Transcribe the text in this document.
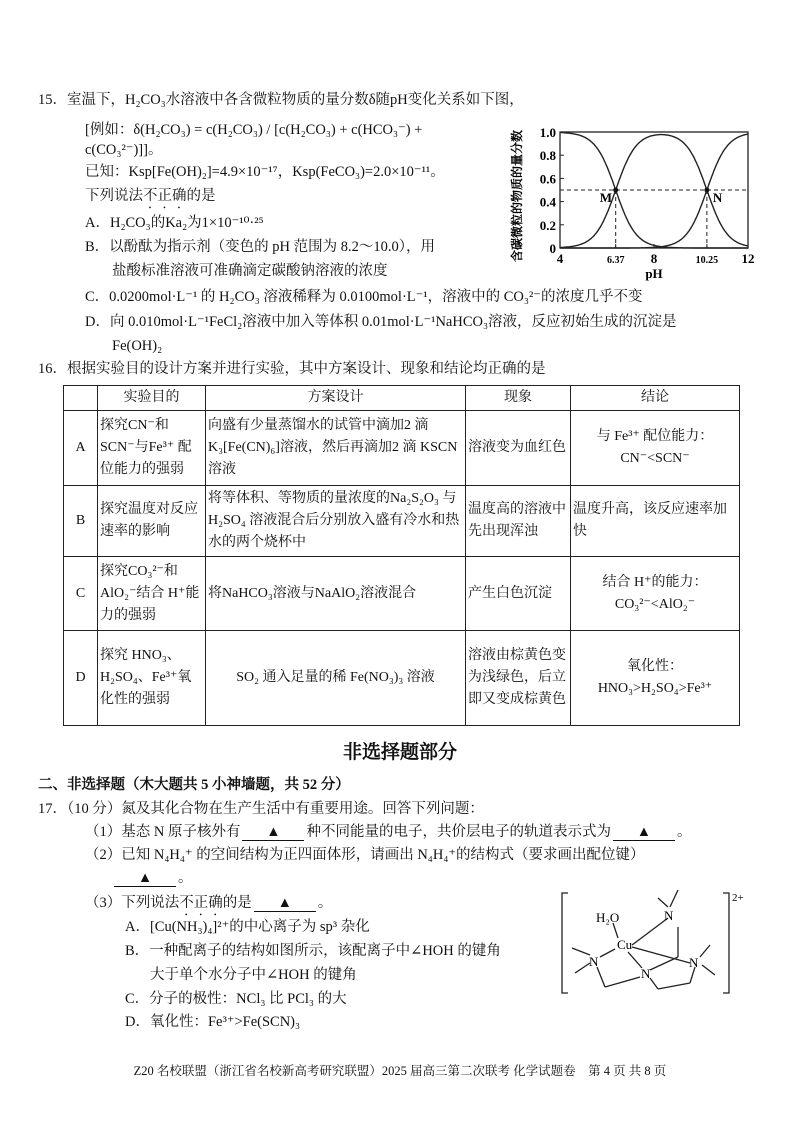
15．室温下，H₂CO₃水溶液中各含微粒物质的量分数δ随pH变化关系如下图，
[例如：δ(H₂CO₃) = c(H₂CO₃) / [c(H₂CO₃) + c(HCO₃⁻) + c(CO₃²⁻)]]。
已知：Ksp[Fe(OH)₂]=4.9×10⁻¹⁷，Ksp(FeCO₃)=2.0×10⁻¹¹。
下列说法不正确的是
A．H₂CO₃的Ka₂为1×10⁻¹⁰·²⁵
B．以酚酞为指示剂（变色的 pH 范围为 8.2～10.0），用
盐酸标准溶液可准确滴定碳酸钠溶液的浓度
C．0.0200mol·L⁻¹ 的 H₂CO₃ 溶液稀释为 0.0100mol·L⁻¹，溶液中的 CO₃²⁻的浓度几乎不变
D．向 0.010mol·L⁻¹FeCl₂溶液中加入等体积 0.01mol·L⁻¹NaHCO₃溶液，反应初始生成的沉淀是
Fe(OH)₂
M	N
0
0.2
0.4
0.6
0.8
1.0
4	6.37 8	10.25 12
pH
含碳微粒的物质的量分数
16．根据实验目的设计方案并进行实验，其中方案设计、现象和结论均正确的是
	实验目的	方案设计	现象	结论
A	探究CN⁻和SCN⁻与Fe³⁺ 配位能力的强弱	向盛有少量蒸馏水的试管中滴加2 滴 K₃[Fe(CN)₆]溶液，然后再滴加2 滴 KSCN 溶液	溶液变为血红色	与 Fe³⁺ 配位能力：
CN⁻<SCN⁻

B	探究温度对反应速率的影响	将等体积、等物质的量浓度的Na₂S₂O₃ 与 H₂SO₄ 溶液混合后分别放入盛有冷水和热水的两个烧杯中	温度高的溶液中先出现浑浊	温度升高，该反应速率加快

C	探究CO₃²⁻和AlO₂⁻结合 H⁺能力的强弱	将NaHCO₃溶液与NaAlO₂溶液混合	产生白色沉淀	结合 H⁺的能力：
CO₃²⁻<AlO₂⁻

D	探究 HNO₃、H₂SO₄、Fe³⁺氧化性的强弱	SO₂ 通入足量的稀 Fe(NO₃)₃ 溶液	溶液由棕黄色变为浅绿色，后立即又变成棕黄色	氧化性：
HNO₃>H₂SO₄>Fe³⁺
非选择题部分
二、非选择题（木大题共 5 小神墙题，共 52 分）
17．（10 分）氮及其化合物在生产生活中有重要用途。回答下列问题：
（1）基态 N 原子核外有 ▲ 种不同能量的电子，共价层电子的轨道表示式为 ▲ 。
（2）已知 N₄H₄⁺ 的空间结构为正四面体形，请画出 N₄H₄⁺的结构式（要求画出配位键）
▲ 。
（3）下列说法不正确的是 ▲ 。
A．[Cu(NH₃)₄]²⁺的中心离子为 sp³ 杂化
B．一种配离子的结构如图所示，该配离子中∠HOH 的键角
大于单个水分子中∠HOH 的键角
C．分子的极性：NCl₃ 比 PCl₃ 的大
D．氧化性：Fe³⁺>Fe(SCN)₃
H₂O
Cu
N
N
N
N
2+
Z20 名校联盟（浙江省名校新高考研究联盟）2025 届高三第二次联考 化学试题卷　第 4 页 共 8 页
